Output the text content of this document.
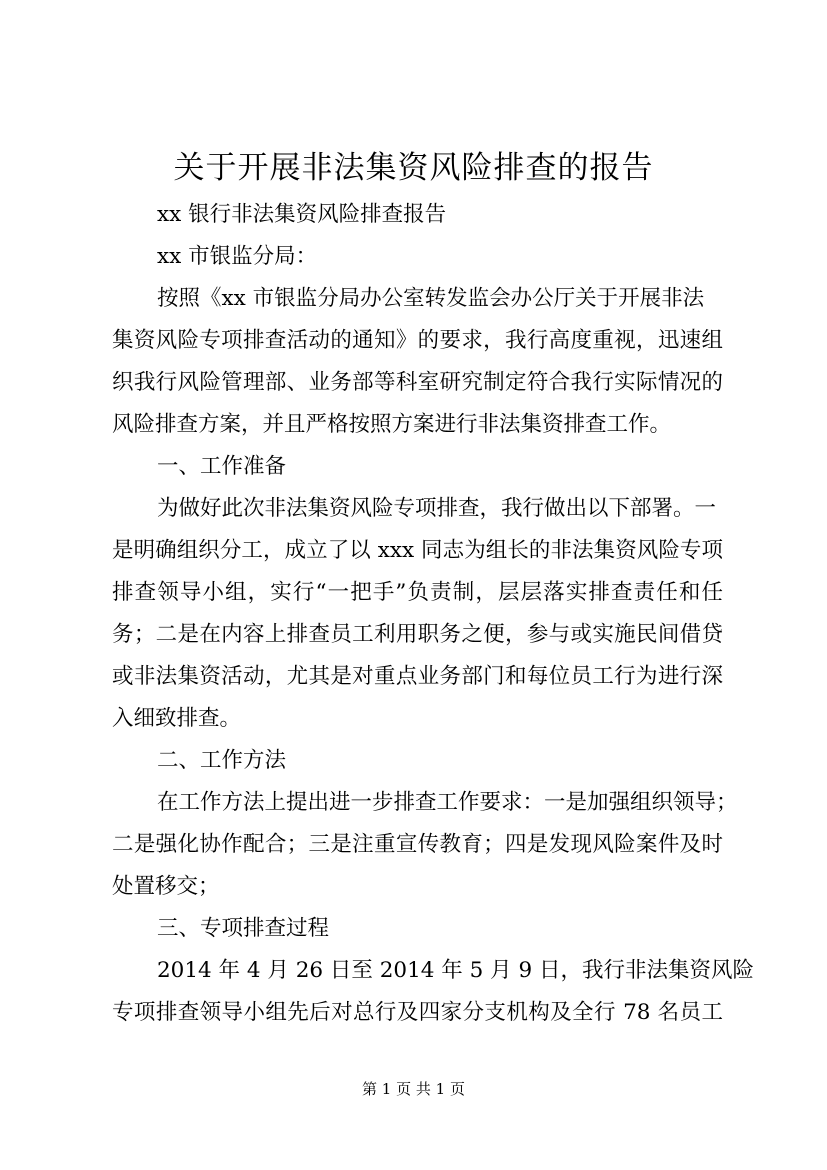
关于开展非法集资风险排查的报告
xx 银行非法集资风险排查报告
xx 市银监分局：
按照《xx 市银监分局办公室转发监会办公厅关于开展非法
集资风险专项排查活动的通知》的要求，我行高度重视，迅速组
织我行风险管理部、业务部等科室研究制定符合我行实际情况的
风险排查方案，并且严格按照方案进行非法集资排查工作。
一、工作准备
为做好此次非法集资风险专项排查，我行做出以下部署。一
是明确组织分工，成立了以 xxx 同志为组长的非法集资风险专项
排查领导小组，实行“一把手”负责制，层层落实排查责任和任
务；二是在内容上排查员工利用职务之便，参与或实施民间借贷
或非法集资活动，尤其是对重点业务部门和每位员工行为进行深
入细致排查。
二、工作方法
在工作方法上提出进一步排查工作要求：一是加强组织领导；
二是强化协作配合；三是注重宣传教育；四是发现风险案件及时
处置移交；
三、专项排查过程
2014 年 4 月 26 日至 2014 年 5 月 9 日，我行非法集资风险
专项排查领导小组先后对总行及四家分支机构及全行 78 名员工
第 1 页 共 1 页
